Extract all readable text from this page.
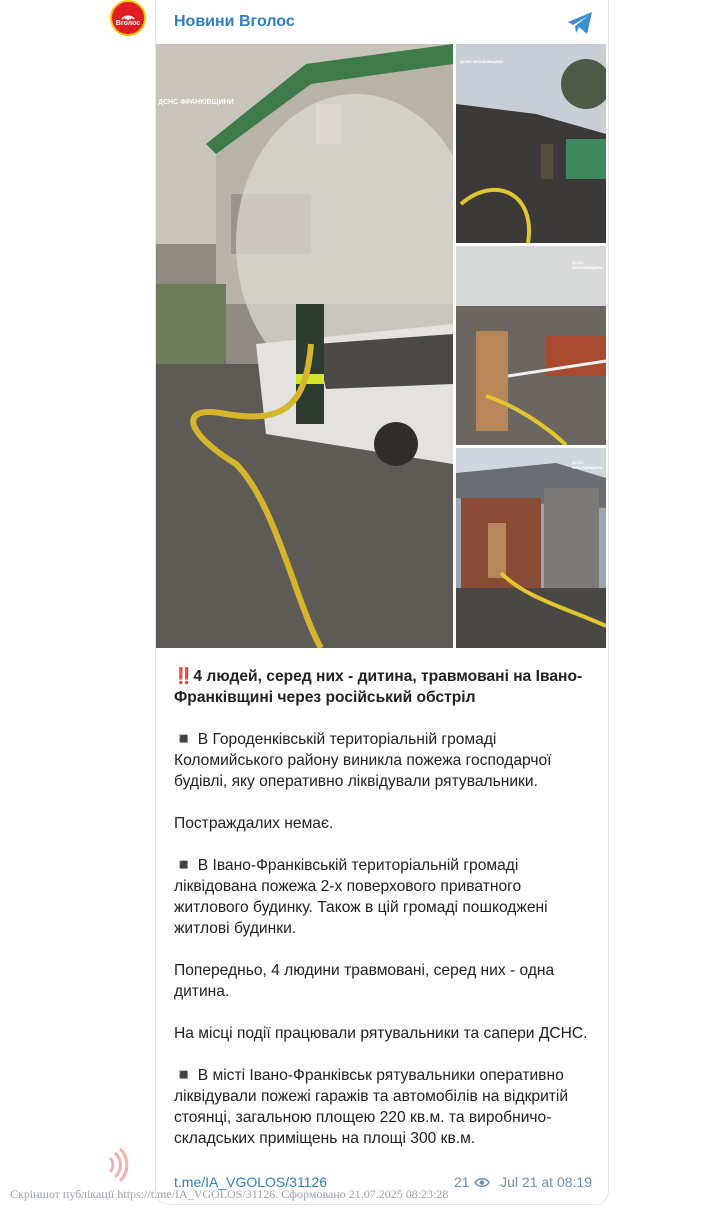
Вголос Новини Вголос
ДСНС ФРАНКІВЩИНИ
ДСНС ФРАНКІВЩИНИ
ДСНС ФРАНКІВЩИНИ
ДСНС ФРАНКІВЩИНИ

‼️4 людей, серед них - дитина, травмовані на Івано-Франківщині через російський обстріл

◾️ В Городенківській територіальній громаді Коломийського району виникла пожежа господарчої будівлі, яку оперативно ліквідували рятувальники.

Постраждалих немає.

◾️ В Івано-Франківській територіальній громаді ліквідована пожежа 2-х поверхового приватного житлового будинку. Також в цій громаді пошкоджені житлові будинки.

Попередньо, 4 людини травмовані, серед них - одна дитина.

На місці події працювали рятувальники та сапери ДСНС.

◾️ В місті Івано-Франківськ рятувальники оперативно ліквідували пожежі гаражів та автомобілів на відкритій стоянці, загальною площею 220 кв.м. та виробничо-складських приміщень на площі 300 кв.м.

t.me/IA_VGOLOS/31126	21 Jul 21 at 08:19
Скріншот публікації https://t.me/IA_VGOLOS/31126. Сформовано 21.07.2025 08:23:28
